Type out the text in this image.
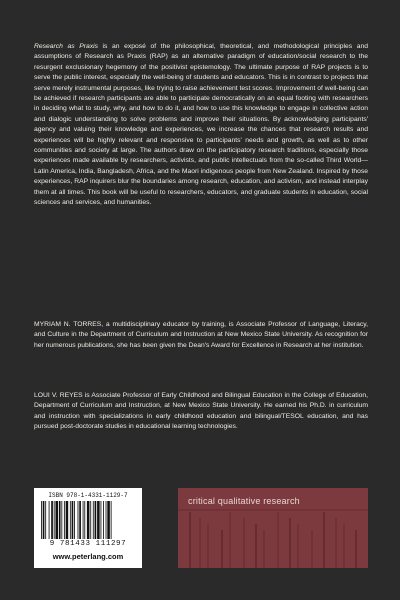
Research as Praxis is an exposé of the philosophical, theoretical, and methodological principles and assumptions of Research as Praxis (RAP) as an alternative paradigm of education/social research to the resurgent exclusionary hegemony of the positivist epistemology. The ultimate purpose of RAP projects is to serve the public interest, especially the well-being of students and educators. This is in contrast to projects that serve merely instrumental purposes, like trying to raise achievement test scores. Improvement of well-being can be achieved if research participants are able to participate democratically on an equal footing with researchers in deciding what to study, why, and how to do it, and how to use this knowledge to engage in collective action and dialogic understanding to solve problems and improve their situations. By acknowledging participants' agency and valuing their knowledge and experiences, we increase the chances that research results and experiences will be highly relevant and responsive to participants' needs and growth, as well as to other communities and society at large. The authors draw on the participatory research traditions, especially those experiences made available by researchers, activists, and public intellectuals from the so-called Third World—Latin America, India, Bangladesh, Africa, and the Maori indigenous people from New Zealand. Inspired by those experiences, RAP inquirers blur the boundaries among research, education, and activism, and instead interplay them at all times. This book will be useful to researchers, educators, and graduate students in education, social sciences and services, and humanities.
MYRIAM N. TORRES, a multidisciplinary educator by training, is Associate Professor of Language, Literacy, and Culture in the Department of Curriculum and Instruction at New Mexico State University. As recognition for her numerous publications, she has been given the Dean's Award for Excellence in Research at her institution.
LOUI V. REYES is Associate Professor of Early Childhood and Bilingual Education in the College of Education, Department of Curriculum and Instruction, at New Mexico State University. He earned his Ph.D. in curriculum and instruction with specializations in early childhood education and bilingual/TESOL education, and has pursued post-doctorate studies in educational learning technologies.
ISBN 978-1-4331-1129-7
9 781433 111297
www.peterlang.com
critical qualitative research
